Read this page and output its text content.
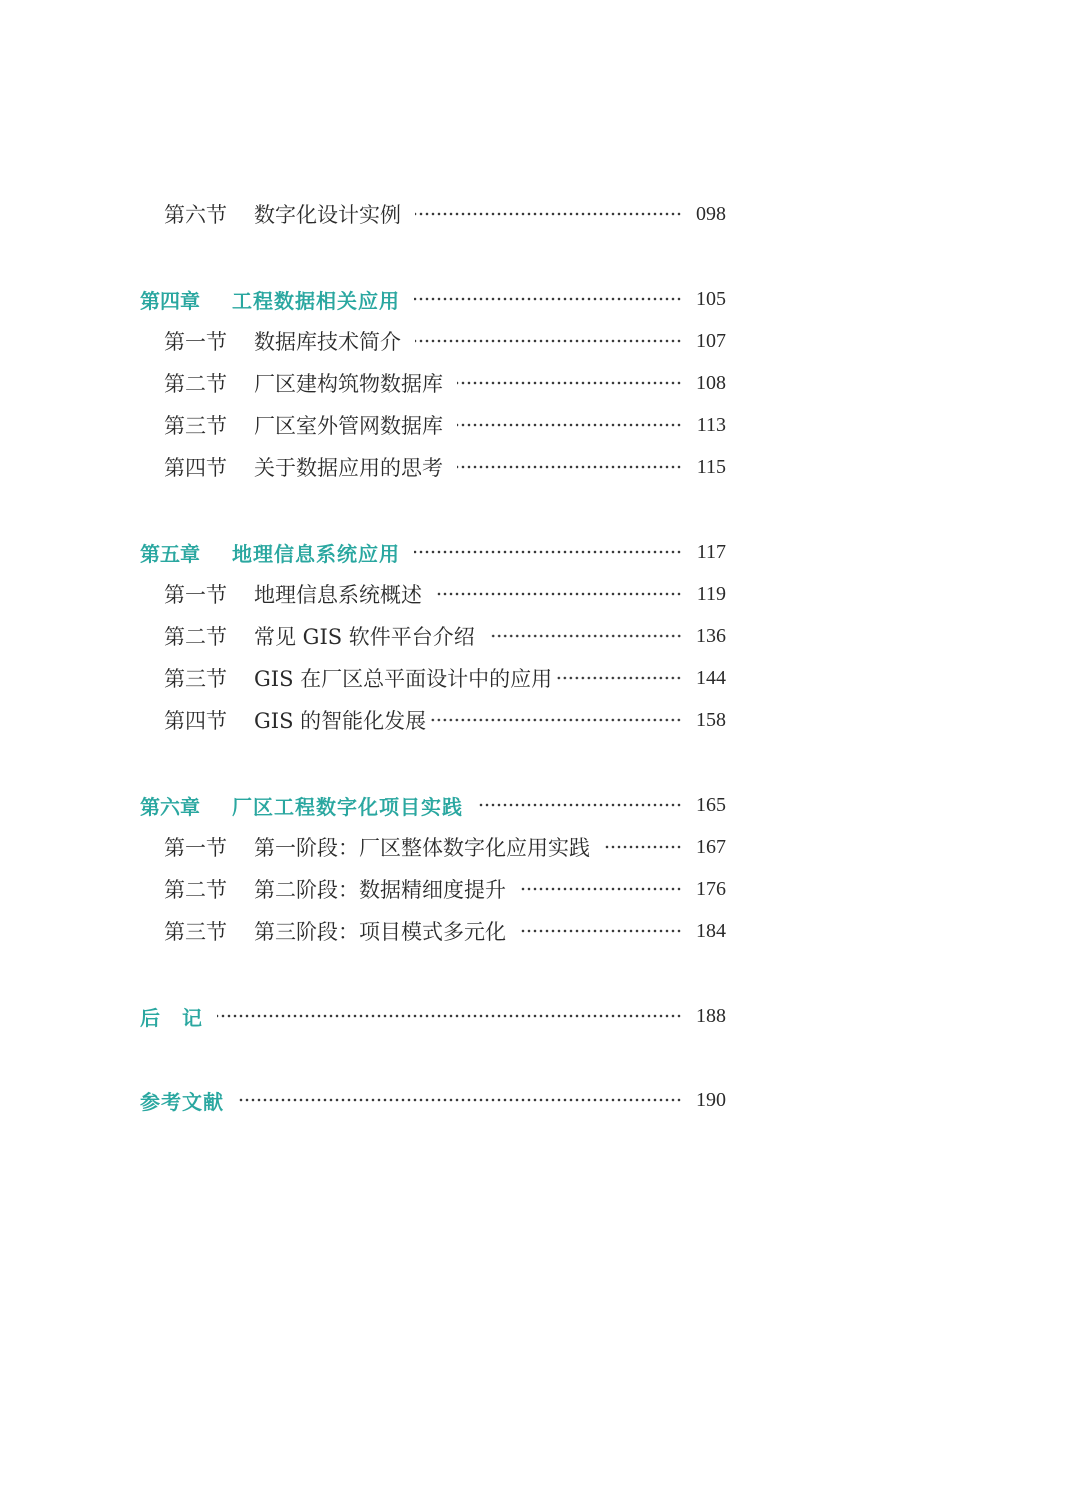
第六节	数字化设计实例	098
第四章	工程数据相关应用	105
第一节	数据库技术简介	107
第二节	厂区建构筑物数据库	108
第三节	厂区室外管网数据库	113
第四节	关于数据应用的思考	115
第五章	地理信息系统应用	117
第一节	地理信息系统概述	119
第二节	常见 GIS 软件平台介绍	136
第三节	GIS 在厂区总平面设计中的应用	144
第四节	GIS 的智能化发展	158
第六章	厂区工程数字化项目实践	165
第一节	第一阶段：厂区整体数字化应用实践	167
第二节	第二阶段：数据精细度提升	176
第三节	第三阶段：项目模式多元化	184
后　记	188
参考文献	190
